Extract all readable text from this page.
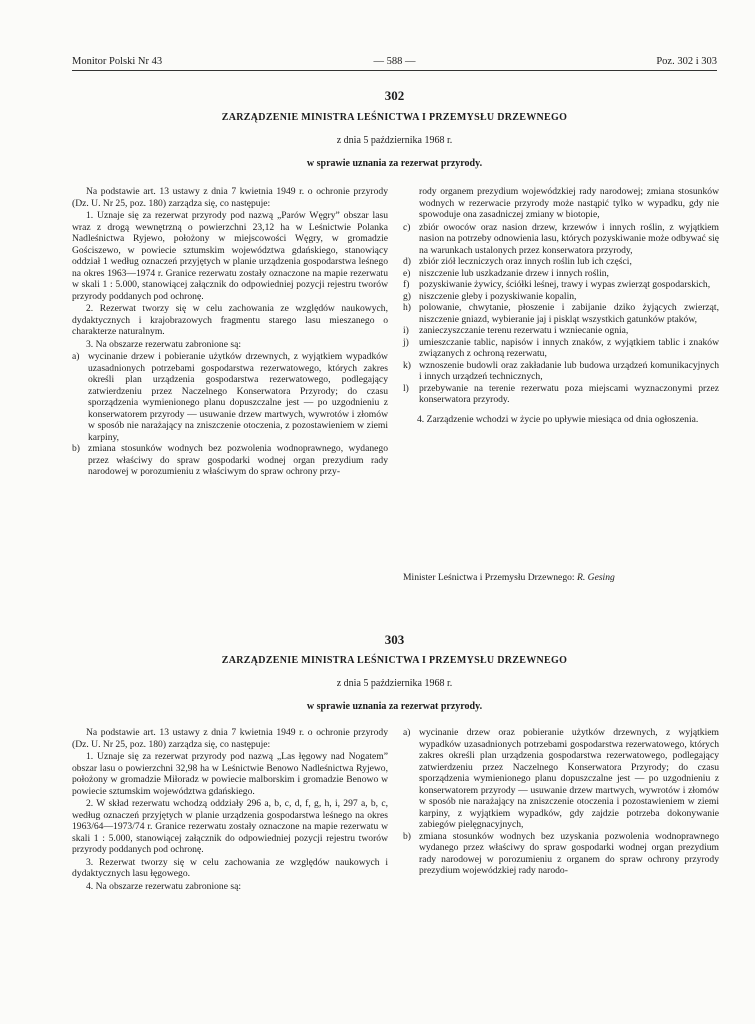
Monitor Polski Nr 43	— 588 —	Poz. 302 i 303
302
ZARZĄDZENIE MINISTRA LEŚNICTWA I PRZEMYSŁU DRZEWNEGO
z dnia 5 października 1968 r.
w sprawie uznania za rezerwat przyrody.

Na podstawie art. 13 ustawy z dnia 7 kwietnia 1949 r. o ochronie przyrody (Dz. U. Nr 25, poz. 180) zarządza się, co następuje:

1. Uznaje się za rezerwat przyrody pod nazwą „Parów Węgry” obszar lasu wraz z drogą wewnętrzną o powierzchni 23,12 ha w Leśnictwie Polanka Nadleśnictwa Ryjewo, położony w miejscowości Węgry, w gromadzie Gościszewo, w powiecie sztumskim województwa gdańskiego, stanowiący oddział 1 według oznaczeń przyjętych w planie urządzenia gospodarstwa leśnego na okres 1963—1974 r. Granice rezerwatu zostały oznaczone na mapie rezerwatu w skali 1 : 5.000, stanowiącej załącznik do odpowiedniej pozycji rejestru tworów przyrody poddanych pod ochronę.

2. Rezerwat tworzy się w celu zachowania ze względów naukowych, dydaktycznych i krajobrazowych fragmentu starego lasu mieszanego o charakterze naturalnym.

3. Na obszarze rezerwatu zabronione są:

a) wycinanie drzew i pobieranie użytków drzewnych, z wyjątkiem wypadków uzasadnionych potrzebami gospodarstwa rezerwatowego, których zakres określi plan urządzenia gospodarstwa rezerwatowego, podlegający zatwierdzeniu przez Naczelnego Konserwatora Przyrody; do czasu sporządzenia wymienionego planu dopuszczalne jest — po uzgodnieniu z konserwatorem przyrody — usuwanie drzew martwych, wywrotów i złomów w sposób nie narażający na zniszczenie otoczenia, z pozostawieniem w ziemi karpiny,
b) zmiana stosunków wodnych bez pozwolenia wodnoprawnego, wydanego przez właściwy do spraw gospodarki wodnej organ prezydium rady narodowej w porozumieniu z właściwym do spraw ochrony przy-

rody organem prezydium wojewódzkiej rady narodowej; zmiana stosunków wodnych w rezerwacie przyrody może nastąpić tylko w wypadku, gdy nie spowoduje ona zasadniczej zmiany w biotopie,

c) zbiór owoców oraz nasion drzew, krzewów i innych roślin, z wyjątkiem nasion na potrzeby odnowienia lasu, których pozyskiwanie może odbywać się na warunkach ustalonych przez konserwatora przyrody,
d) zbiór ziół leczniczych oraz innych roślin lub ich części,
e) niszczenie lub uszkadzanie drzew i innych roślin,
f)	pozyskiwanie żywicy, ściółki leśnej, trawy i wypas zwierząt gospodarskich,
g) niszczenie gleby i pozyskiwanie kopalin,
h) polowanie, chwytanie, płoszenie i zabijanie dziko żyjących zwierząt, niszczenie gniazd, wybieranie jaj i piskląt wszystkich gatunków ptaków,
i)	zanieczyszczanie terenu rezerwatu i wzniecanie ognia,
j)	umieszczanie tablic, napisów i innych znaków, z wyjątkiem tablic i znaków związanych z ochroną rezerwatu,
k) wznoszenie budowli oraz zakładanie lub budowa urządzeń komunikacyjnych i innych urządzeń technicznych,
l)	przebywanie na terenie rezerwatu poza miejscami wyznaczonymi przez konserwatora przyrody.

4. Zarządzenie wchodzi w życie po upływie miesiąca od dnia ogłoszenia.

Minister Leśnictwa i Przemysłu Drzewnego: R. Gesing
303
ZARZĄDZENIE MINISTRA LEŚNICTWA I PRZEMYSŁU DRZEWNEGO
z dnia 5 października 1968 r.
w sprawie uznania za rezerwat przyrody.

Na podstawie art. 13 ustawy z dnia 7 kwietnia 1949 r. o ochronie przyrody (Dz. U. Nr 25, poz. 180) zarządza się, co następuje:

1. Uznaje się za rezerwat przyrody pod nazwą „Las łęgowy nad Nogatem” obszar lasu o powierzchni 32,98 ha w Leśnictwie Benowo Nadleśnictwa Ryjewo, położony w gromadzie Miłoradz w powiecie malborskim i gromadzie Benowo w powiecie sztumskim województwa gdańskiego.

2. W skład rezerwatu wchodzą oddziały 296 a, b, c, d, f, g, h, i, 297 a, b, c, według oznaczeń przyjętych w planie urządzenia gospodarstwa leśnego na okres 1963/64—1973/74 r. Granice rezerwatu zostały oznaczone na mapie rezerwatu w skali 1 : 5.000, stanowiącej załącznik do odpowiedniej pozycji rejestru tworów przyrody poddanych pod ochronę.

3. Rezerwat tworzy się w celu zachowania ze względów naukowych i dydaktycznych lasu łęgowego.

4. Na obszarze rezerwatu zabronione są:

a) wycinanie drzew oraz pobieranie użytków drzewnych, z wyjątkiem wypadków uzasadnionych potrzebami gospodarstwa rezerwatowego, których zakres określi plan urządzenia gospodarstwa rezerwatowego, podlegający zatwierdzeniu przez Naczelnego Konserwatora Przyrody; do czasu sporządzenia wymienionego planu dopuszczalne jest — po uzgodnieniu z konserwatorem przyrody — usuwanie drzew martwych, wywrotów i złomów w sposób nie narażający na zniszczenie otoczenia i pozostawieniem w ziemi karpiny, z wyjątkiem wypadków, gdy zajdzie potrzeba dokonywanie zabiegów pielęgnacyjnych,
b) zmiana stosunków wodnych bez uzyskania pozwolenia wodnoprawnego wydanego przez właściwy do spraw gospodarki wodnej organ prezydium rady narodowej w porozumieniu z organem do spraw ochrony przyrody prezydium wojewódzkiej rady narodo-
